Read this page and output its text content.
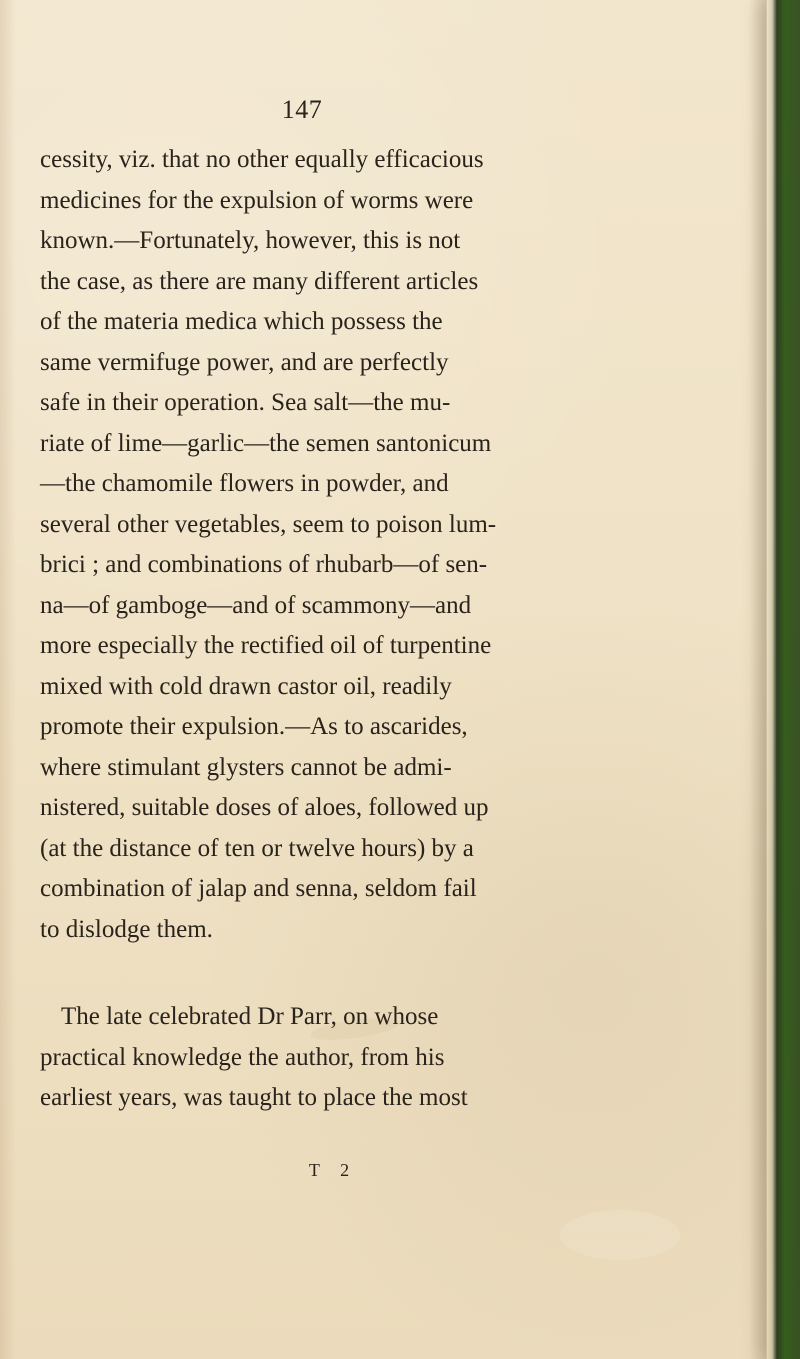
147
cessity, viz. that no other equally efficacious
medicines for the expulsion of worms were
known.—Fortunately, however, this is not
the case, as there are many different articles
of the materia medica which possess the
same vermifuge power, and are perfectly
safe in their operation. Sea salt—the mu-
riate of lime—garlic—the semen santonicum
—the chamomile flowers in powder, and
several other vegetables, seem to poison lum-
brici ; and combinations of rhubarb—of sen-
na—of gamboge—and of scammony—and
more especially the rectified oil of turpentine
mixed with cold drawn castor oil, readily
promote their expulsion.—As to ascarides,
where stimulant glysters cannot be admi-
nistered, suitable doses of aloes, followed up
(at the distance of ten or twelve hours) by a
combination of jalap and senna, seldom fail
to dislodge them.
The late celebrated Dr Parr, on whose
practical knowledge the author, from his
earliest years, was taught to place the most
T 2
